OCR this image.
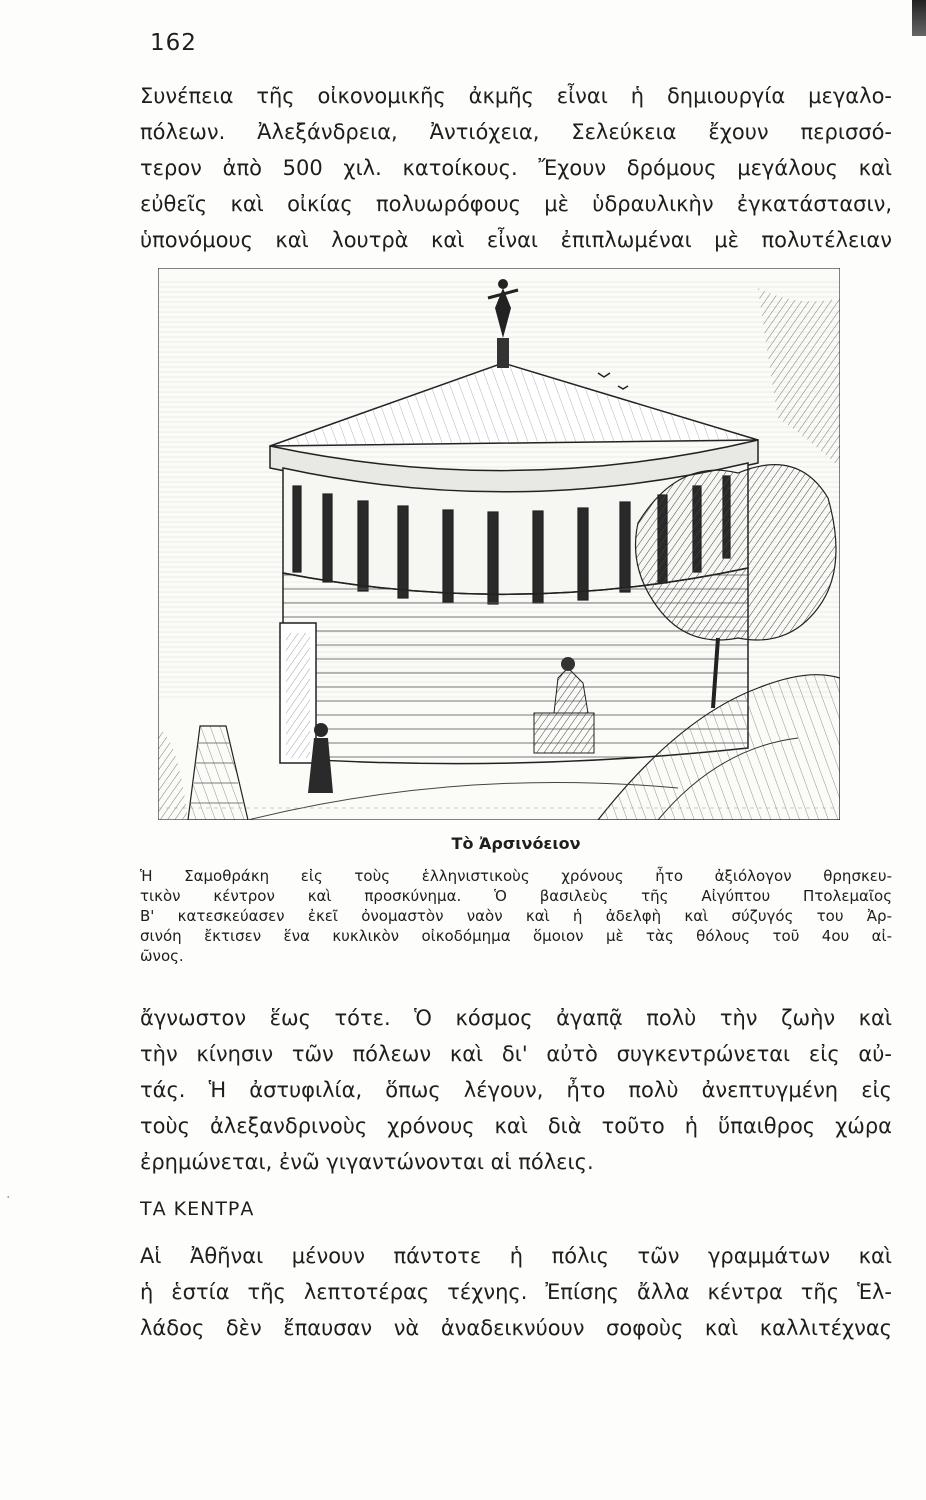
·
162

Συνέπεια τῆς οἰκονομικῆς ἀκμῆς εἶναι ἡ δημιουργία μεγαλο-
πόλεων. Ἀλεξάνδρεια, Ἀντιόχεια, Σελεύκεια ἔχουν περισσό-
τερον ἀπὸ 500 χιλ. κατοίκους. Ἔχουν δρόμους μεγάλους καὶ
εὐθεῖς καὶ οἰκίας πολυωρόφους μὲ ὑδραυλικὴν ἐγκατάστασιν,
ὑπονόμους καὶ λουτρὰ καὶ εἶναι ἐπιπλωμέναι μὲ πολυτέλειαν

Τὸ Ἀρσινόειον

Ἡ Σαμοθράκη εἰς τοὺς ἑλληνιστικοὺς χρόνους ἦτο ἀξιόλογον θρησκευ-
τικὸν κέντρον καὶ προσκύνημα. Ὁ βασιλεὺς τῆς Αἰγύπτου Πτολεμαῖος
Β' κατεσκεύασεν ἐκεῖ ὀνομαστὸν ναὸν καὶ ἡ ἀδελφὴ καὶ σύζυγός του Ἀρ-
σινόη ἔκτισεν ἕνα κυκλικὸν οἰκοδόμημα ὅμοιον μὲ τὰς θόλους τοῦ 4ου αἰ-
ῶνος.

ἄγνωστον ἕως τότε. Ὁ κόσμος ἀγαπᾷ πολὺ τὴν ζωὴν καὶ
τὴν κίνησιν τῶν πόλεων καὶ δι' αὐτὸ συγκεντρώνεται εἰς αὐ-
τάς. Ἡ ἀστυφιλία, ὅπως λέγουν, ἦτο πολὺ ἀνεπτυγμένη εἰς
τοὺς ἀλεξανδρινοὺς χρόνους καὶ διὰ τοῦτο ἡ ὕπαιθρος χώρα
ἐρημώνεται, ἐνῶ γιγαντώνονται αἱ πόλεις.

ΤΑ ΚΕΝΤΡΑ

Αἱ Ἀθῆναι μένουν πάντοτε ἡ πόλις τῶν γραμμάτων καὶ
ἡ ἑστία τῆς λεπτοτέρας τέχνης. Ἐπίσης ἄλλα κέντρα τῆς Ἑλ-
λάδος δὲν ἔπαυσαν νὰ ἀναδεικνύουν σοφοὺς καὶ καλλιτέχνας
